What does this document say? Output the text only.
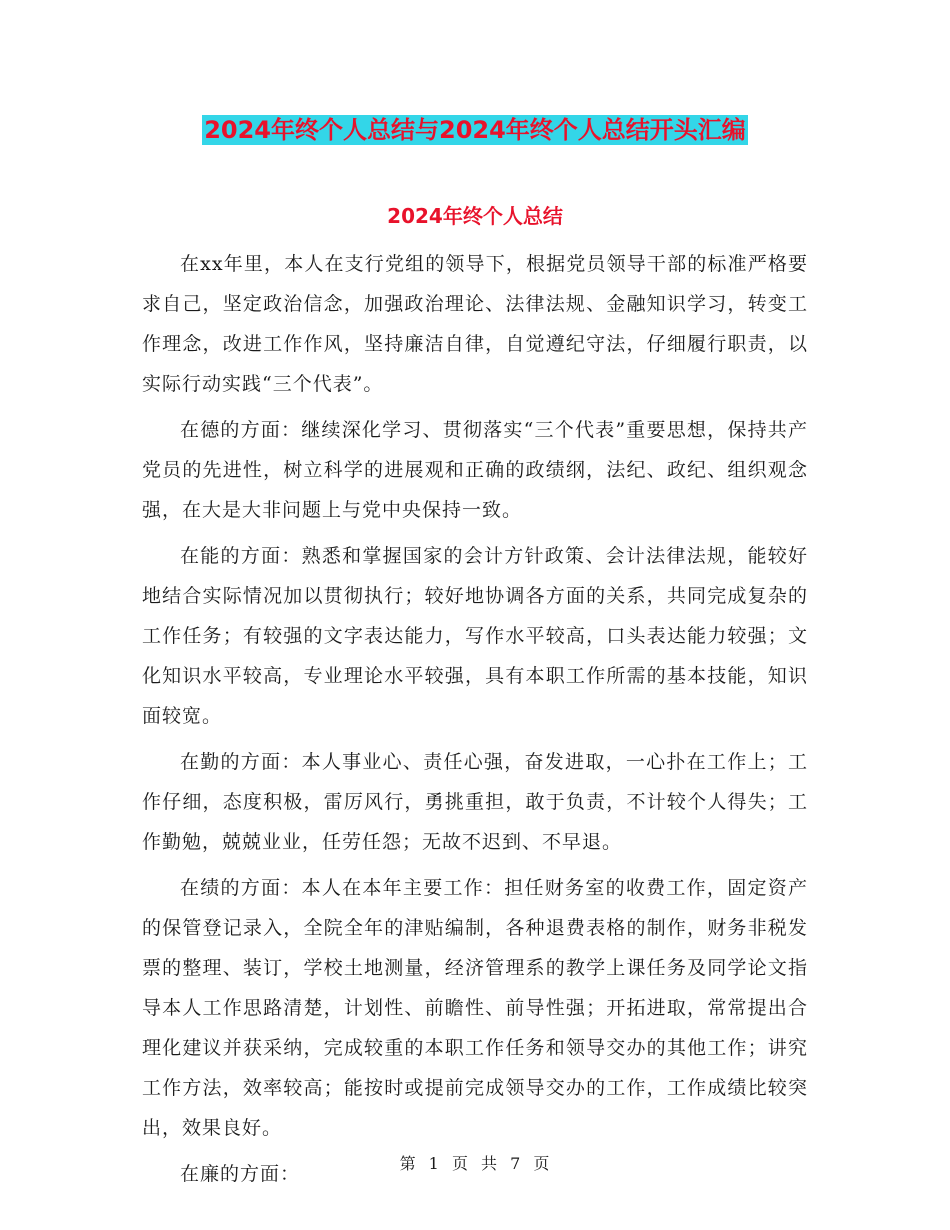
2024年终个人总结与2024年终个人总结开头汇编
2024年终个人总结

在xx年里，本人在支行党组的领导下，根据党员领导干部的标准严格要求自己，坚定政治信念，加强政治理论、法律法规、金融知识学习，转变工作理念，改进工作作风，坚持廉洁自律，自觉遵纪守法，仔细履行职责，以实际行动实践“三个代表”。

在德的方面：继续深化学习、贯彻落实“三个代表”重要思想，保持共产党员的先进性，树立科学的进展观和正确的政绩纲，法纪、政纪、组织观念强，在大是大非问题上与党中央保持一致。

在能的方面：熟悉和掌握国家的会计方针政策、会计法律法规，能较好地结合实际情况加以贯彻执行；较好地协调各方面的关系，共同完成复杂的工作任务；有较强的文字表达能力，写作水平较高，口头表达能力较强；文化知识水平较高，专业理论水平较强，具有本职工作所需的基本技能，知识面较宽。

在勤的方面：本人事业心、责任心强，奋发进取，一心扑在工作上；工作仔细，态度积极，雷厉风行，勇挑重担，敢于负责，不计较个人得失；工作勤勉，兢兢业业，任劳任怨；无故不迟到、不早退。

在绩的方面：本人在本年主要工作：担任财务室的收费工作，固定资产的保管登记录入，全院全年的津贴编制，各种退费表格的制作，财务非税发票的整理、装订，学校土地测量，经济管理系的教学上课任务及同学论文指导本人工作思路清楚，计划性、前瞻性、前导性强；开拓进取，常常提出合理化建议并获采纳，完成较重的本职工作任务和领导交办的其他工作；讲究工作方法，效率较高；能按时或提前完成领导交办的工作，工作成绩比较突出，效果良好。

在廉的方面：	第 1 页 共 7 页
